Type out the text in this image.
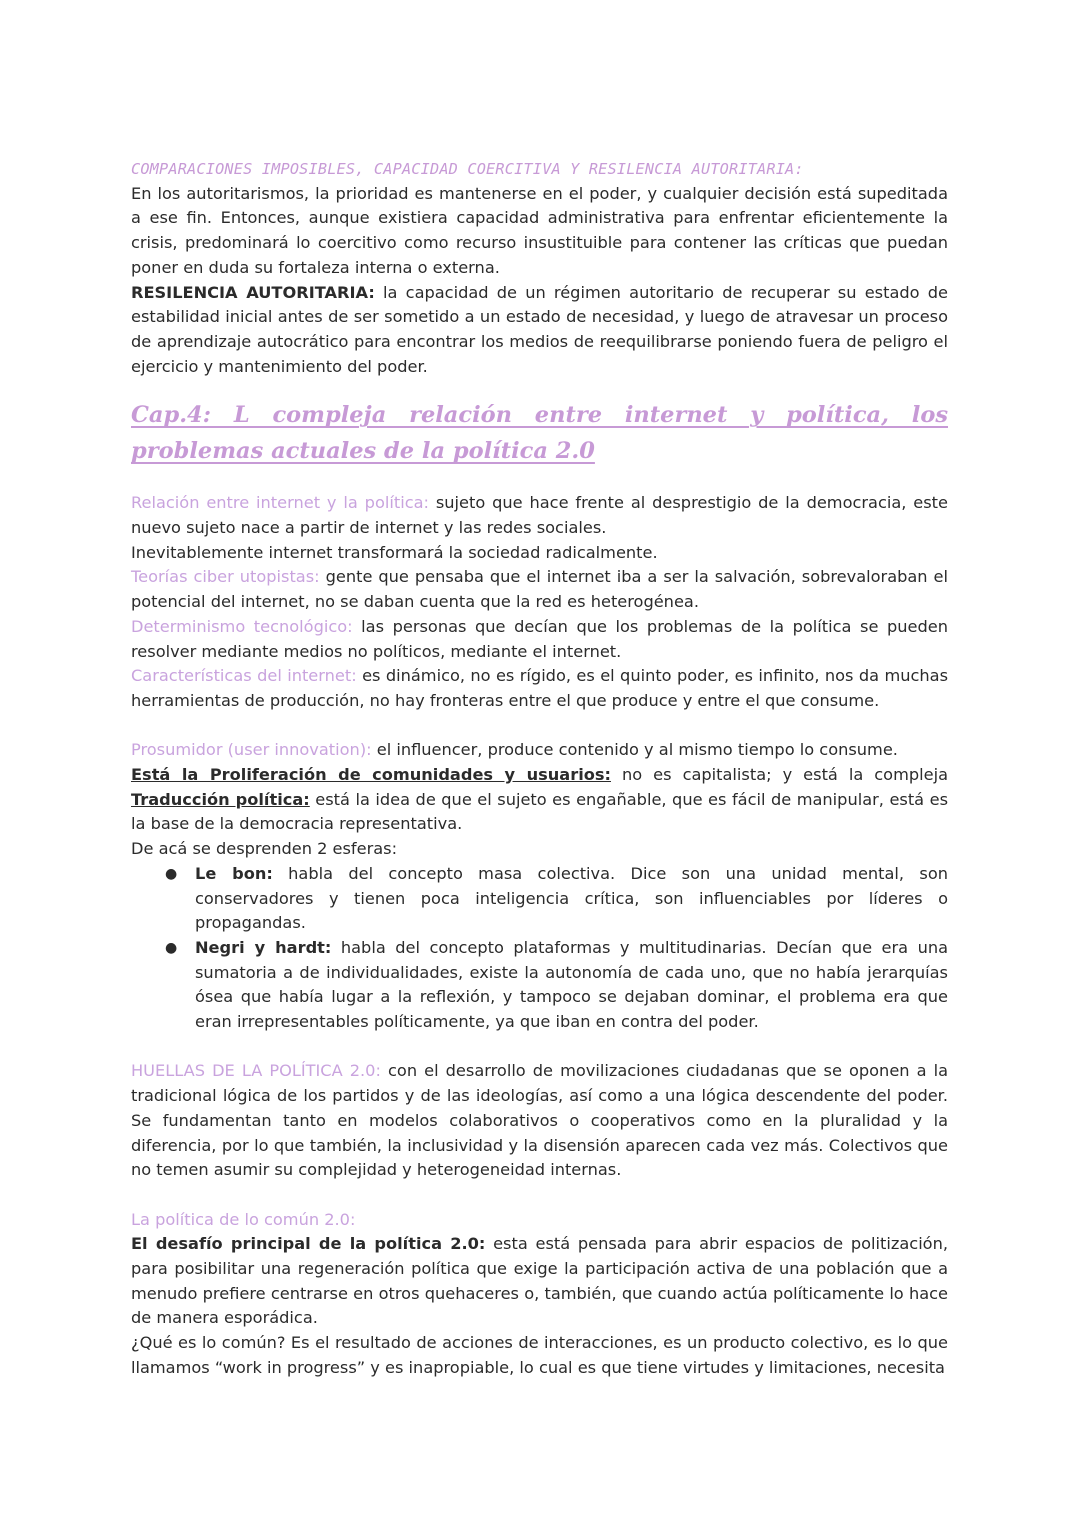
COMPARACIONES IMPOSIBLES, CAPACIDAD COERCITIVA Y RESILENCIA AUTORITARIA:

En los autoritarismos, la prioridad es mantenerse en el poder, y cualquier decisión está supeditada a ese fin. Entonces, aunque existiera capacidad administrativa para enfrentar eficientemente la crisis, predominará lo coercitivo como recurso insustituible para contener las críticas que puedan poner en duda su fortaleza interna o externa.

RESILENCIA AUTORITARIA: la capacidad de un régimen autoritario de recuperar su estado de estabilidad inicial antes de ser sometido a un estado de necesidad, y luego de atravesar un proceso de aprendizaje autocrático para encontrar los medios de reequilibrarse poniendo fuera de peligro el ejercicio y mantenimiento del poder.

Cap.4: L compleja relación entre internet y política, los problemas actuales de la política 2.0

Relación entre internet y la política: sujeto que hace frente al desprestigio de la democracia, este nuevo sujeto nace a partir de internet y las redes sociales.

Inevitablemente internet transformará la sociedad radicalmente.

Teorías ciber utopistas: gente que pensaba que el internet iba a ser la salvación, sobrevaloraban el potencial del internet, no se daban cuenta que la red es heterogénea.

Determinismo tecnológico: las personas que decían que los problemas de la política se pueden resolver mediante medios no políticos, mediante el internet.

Características del internet: es dinámico, no es rígido, es el quinto poder, es infinito, nos da muchas herramientas de producción, no hay fronteras entre el que produce y entre el que consume.

Prosumidor (user innovation): el influencer, produce contenido y al mismo tiempo lo consume.

Está la Proliferación de comunidades y usuarios: no es capitalista; y está la compleja Traducción política: está la idea de que el sujeto es engañable, que es fácil de manipular, está es la base de la democracia representativa.

De acá se desprenden 2 esferas:

● Le bon: habla del concepto masa colectiva. Dice son una unidad mental, son conservadores y tienen poca inteligencia crítica, son influenciables por líderes o propagandas.
● Negri y hardt: habla del concepto plataformas y multitudinarias. Decían que era una sumatoria a de individualidades, existe la autonomía de cada uno, que no había jerarquías ósea que había lugar a la reflexión, y tampoco se dejaban dominar, el problema era que eran irrepresentables políticamente, ya que iban en contra del poder.

HUELLAS DE LA POLÍTICA 2.0: con el desarrollo de movilizaciones ciudadanas que se oponen a la tradicional lógica de los partidos y de las ideologías, así como a una lógica descendente del poder. Se fundamentan tanto en modelos colaborativos o cooperativos como en la pluralidad y la diferencia, por lo que también, la inclusividad y la disensión aparecen cada vez más. Colectivos que no temen asumir su complejidad y heterogeneidad internas.

La política de lo común 2.0:

El desafío principal de la política 2.0: esta está pensada para abrir espacios de politización, para posibilitar una regeneración política que exige la participación activa de una población que a menudo prefiere centrarse en otros quehaceres o, también, que cuando actúa políticamente lo hace de manera esporádica.

¿Qué es lo común? Es el resultado de acciones de interacciones, es un producto colectivo, es lo que llamamos “work in progress” y es inapropiable, lo cual es que tiene virtudes y limitaciones, necesita
